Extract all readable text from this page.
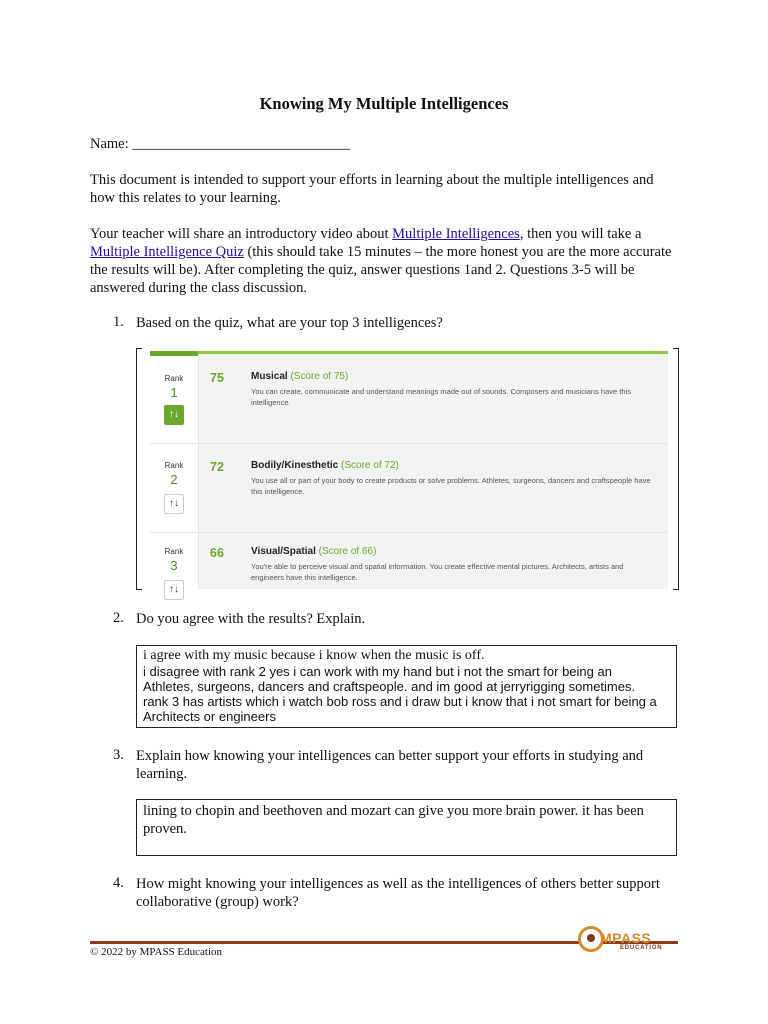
Knowing My Multiple Intelligences
Name: ______________________________
This document is intended to support your efforts in learning about the multiple intelligences and how this relates to your learning.
Your teacher will share an introductory video about Multiple Intelligences, then you will take a Multiple Intelligence Quiz (this should take 15 minutes – the more honest you are the more accurate the results will be). After completing the quiz, answer questions 1and 2. Questions 3-5 will be answered during the class discussion.
1. Based on the quiz, what are your top 3 intelligences?
Rank
1
↑↓
75	Musical (Score of 75)
You can create, communicate and understand meanings made out of sounds. Composers and musicians have this intelligence.
Rank
2
↑↓
72	Bodily/Kinesthetic (Score of 72)
You use all or part of your body to create products or solve problems. Athletes, surgeons, dancers and craftspeople have this intelligence.
Rank
3
↑↓
66	Visual/Spatial (Score of 66)
You're able to perceive visual and spatial information. You create effective mental pictures. Architects, artists and engineers have this intelligence.
2. Do you agree with the results? Explain.
i agree with my music because i know when the music is off.
i disagree with rank 2 yes i can work with my hand but i not the smart for being an
Athletes, surgeons, dancers and craftspeople. and im good at jerryrigging sometimes.
rank 3 has artists which i watch bob ross and i draw but i know that i not smart for being a
Architects or engineers
3. Explain how knowing your intelligences can better support your efforts in studying and learning.
lining to chopin and beethoven and mozart can give you more brain power. it has been proven.
4. How might knowing your intelligences as well as the intelligences of others better support collaborative (group) work?
© 2022 by MPASS Education
MPASS
EDUCATION
